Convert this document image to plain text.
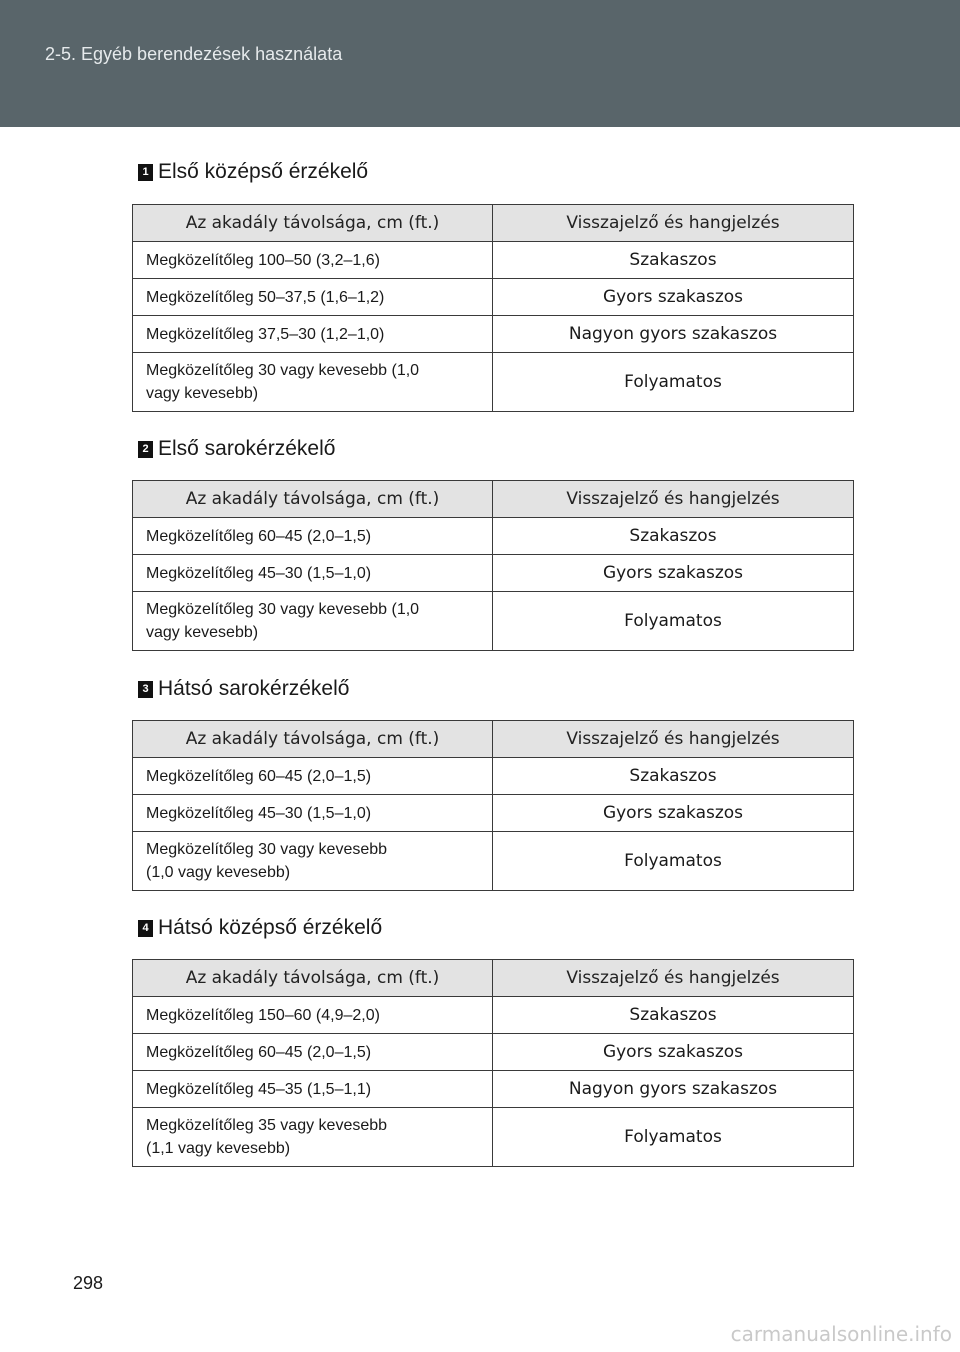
2-5. Egyéb berendezések használata
1 Első középső érzékelő
Az akadály távolsága, cm (ft.)	Visszajelző és hangjelzés
Megközelítőleg 100–50 (3,2–1,6)	Szakaszos
Megközelítőleg 50–37,5 (1,6–1,2)	Gyors szakaszos
Megközelítőleg 37,5–30 (1,2–1,0)	Nagyon gyors szakaszos
Megközelítőleg 30 vagy kevesebb (1,0
vagy kevesebb)	Folyamatos
2 Első sarokérzékelő
Az akadály távolsága, cm (ft.)	Visszajelző és hangjelzés
Megközelítőleg 60–45 (2,0–1,5)	Szakaszos
Megközelítőleg 45–30 (1,5–1,0)	Gyors szakaszos
Megközelítőleg 30 vagy kevesebb (1,0
vagy kevesebb)	Folyamatos
3 Hátsó sarokérzékelő
Az akadály távolsága, cm (ft.)	Visszajelző és hangjelzés
Megközelítőleg 60–45 (2,0–1,5)	Szakaszos
Megközelítőleg 45–30 (1,5–1,0)	Gyors szakaszos
Megközelítőleg 30 vagy kevesebb
(1,0 vagy kevesebb)	Folyamatos
4 Hátsó középső érzékelő
Az akadály távolsága, cm (ft.)	Visszajelző és hangjelzés
Megközelítőleg 150–60 (4,9–2,0)	Szakaszos
Megközelítőleg 60–45 (2,0–1,5)	Gyors szakaszos
Megközelítőleg 45–35 (1,5–1,1)	Nagyon gyors szakaszos
Megközelítőleg 35 vagy kevesebb
(1,1 vagy kevesebb)	Folyamatos
298
carmanualsonline.info
